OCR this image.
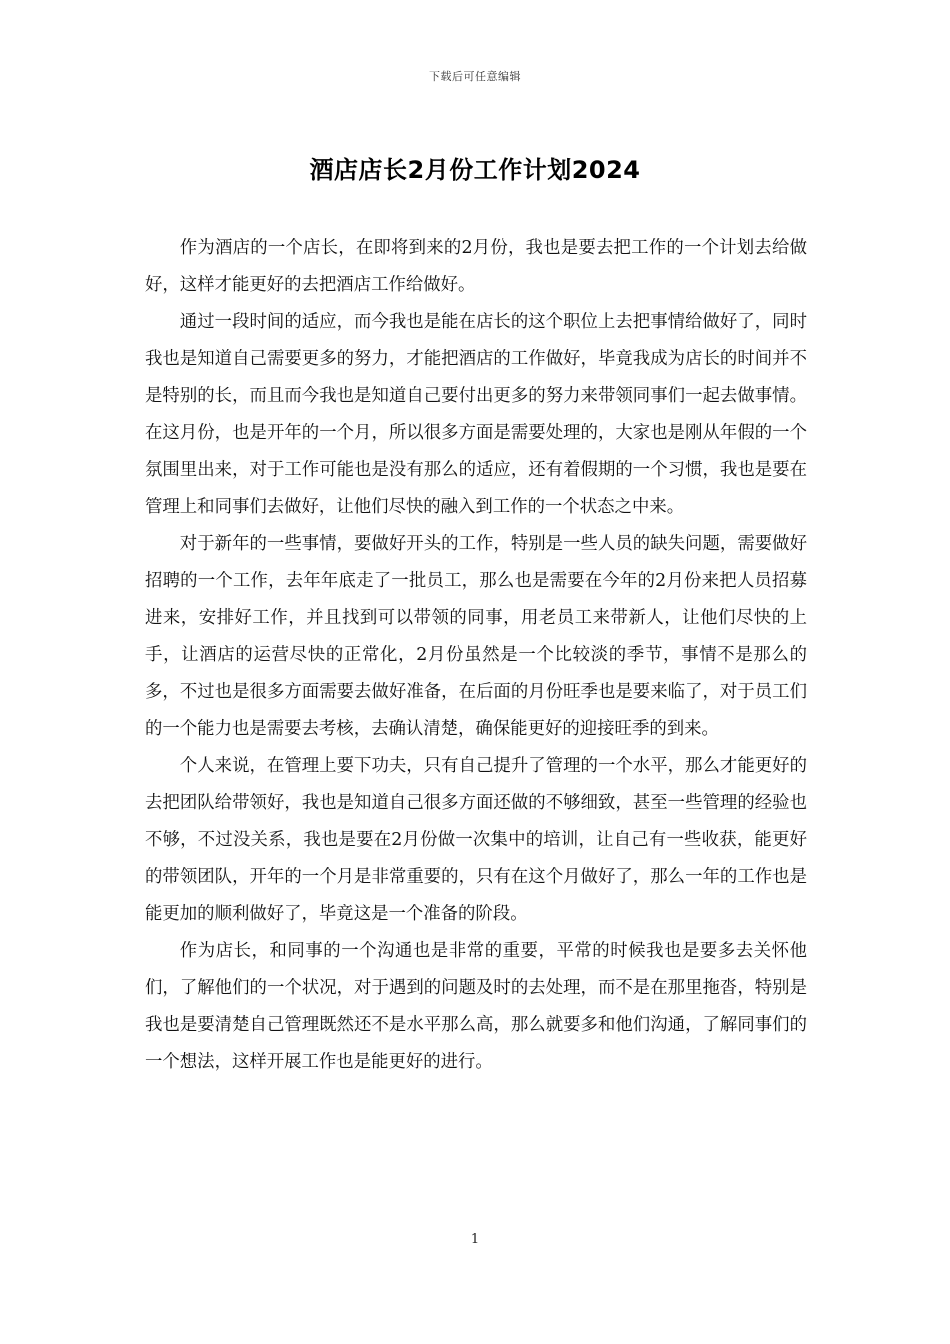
下载后可任意编辑
酒店店长2月份工作计划2024

作为酒店的一个店长，在即将到来的2月份，我也是要去把工作的一个计划去给做好，这样才能更好的去把酒店工作给做好。

通过一段时间的适应，而今我也是能在店长的这个职位上去把事情给做好了，同时我也是知道自己需要更多的努力，才能把酒店的工作做好，毕竟我成为店长的时间并不是特别的长，而且而今我也是知道自己要付出更多的努力来带领同事们一起去做事情。在这月份，也是开年的一个月，所以很多方面是需要处理的，大家也是刚从年假的一个氛围里出来，对于工作可能也是没有那么的适应，还有着假期的一个习惯，我也是要在管理上和同事们去做好，让他们尽快的融入到工作的一个状态之中来。

对于新年的一些事情，要做好开头的工作，特别是一些人员的缺失问题，需要做好招聘的一个工作，去年年底走了一批员工，那么也是需要在今年的2月份来把人员招募进来，安排好工作，并且找到可以带领的同事，用老员工来带新人，让他们尽快的上手，让酒店的运营尽快的正常化，2月份虽然是一个比较淡的季节，事情不是那么的多，不过也是很多方面需要去做好准备，在后面的月份旺季也是要来临了，对于员工们的一个能力也是需要去考核，去确认清楚，确保能更好的迎接旺季的到来。

个人来说，在管理上要下功夫，只有自己提升了管理的一个水平，那么才能更好的去把团队给带领好，我也是知道自己很多方面还做的不够细致，甚至一些管理的经验也不够，不过没关系，我也是要在2月份做一次集中的培训，让自己有一些收获，能更好的带领团队，开年的一个月是非常重要的，只有在这个月做好了，那么一年的工作也是能更加的顺利做好了，毕竟这是一个准备的阶段。

作为店长，和同事的一个沟通也是非常的重要，平常的时候我也是要多去关怀他们，了解他们的一个状况，对于遇到的问题及时的去处理，而不是在那里拖沓，特别是我也是要清楚自己管理既然还不是水平那么高，那么就要多和他们沟通，了解同事们的一个想法，这样开展工作也是能更好的进行。

1
